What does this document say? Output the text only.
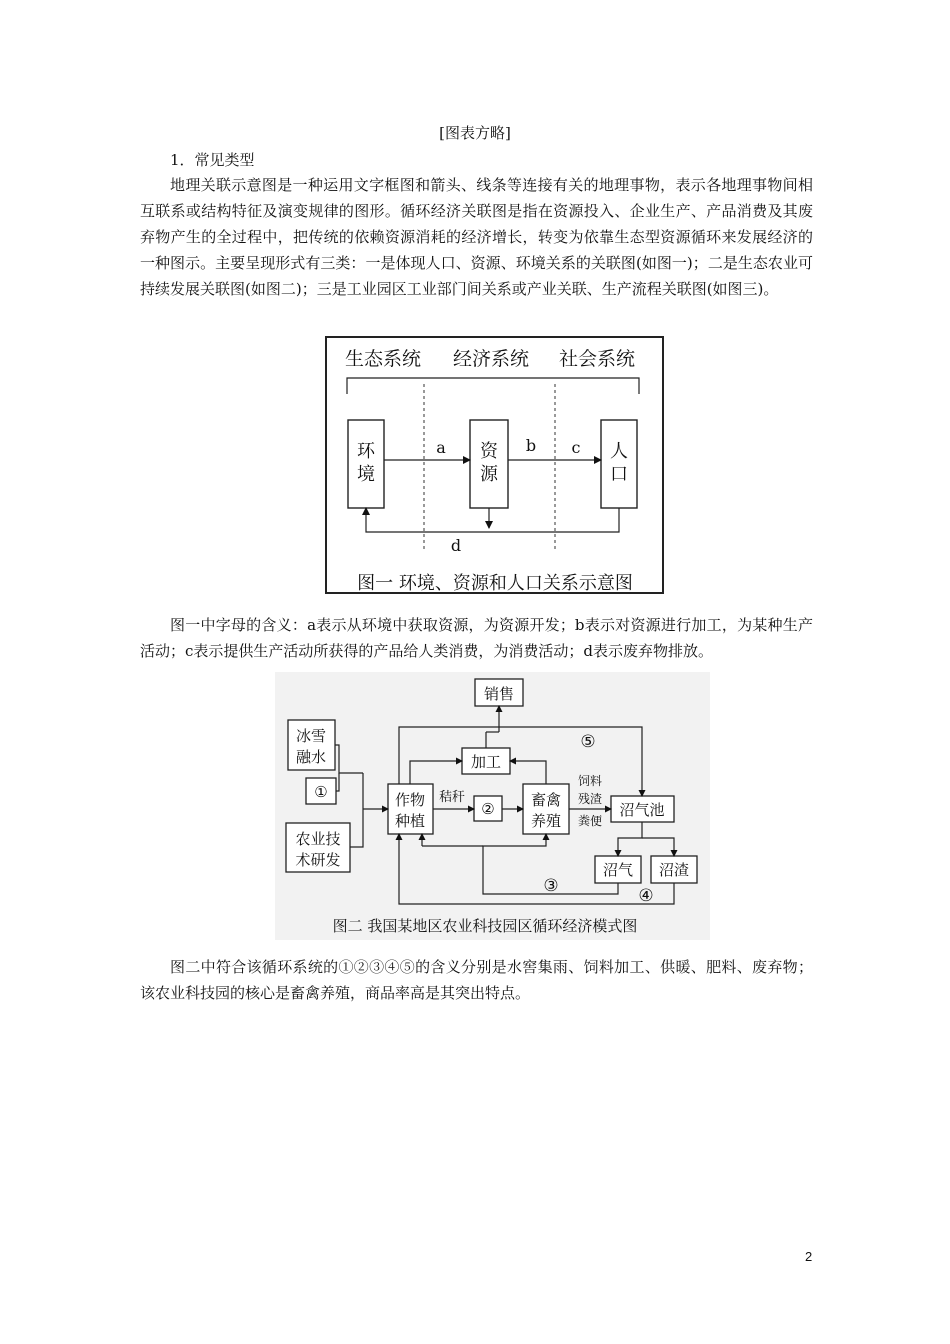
[图表方略]
1．常见类型

地理关联示意图是一种运用文字框图和箭头、线条等连接有关的地理事物，表示各地理事物间相互联系或结构特征及演变规律的图形。循环经济关联图是指在资源投入、企业生产、产品消费及其废弃物产生的全过程中，把传统的依赖资源消耗的经济增长，转变为依靠生态型资源循环来发展经济的一种图示。主要呈现形式有三类：一是体现人口、资源、环境关系的关联图(如图一)；二是生态农业可持续发展关联图(如图二)；三是工业园区工业部门间关系或产业关联、生产流程关联图(如图三)。

生态系统 经济系统 社会系统
环
境
资
源
人
口
a	b c
d
图一 环境、资源和人口关系示意图

图一中字母的含义：a表示从环境中获取资源，为资源开发；b表示对资源进行加工，为某种生产活动；c表示提供生产活动所获得的产品给人类消费，为消费活动；d表示废弃物排放。

销售
冰雪
融水
①
农业技
术研发
作物
种植
加工
② 畜禽
养殖
沼气池
沼气 沼渣
秸秆
⑤
饲料
残渣
粪便
③	④
图二 我国某地区农业科技园区循环经济模式图

图二中符合该循环系统的①②③④⑤的含义分别是水窖集雨、饲料加工、供暖、肥料、废弃物；该农业科技园的核心是畜禽养殖，商品率高是其突出特点。

2
